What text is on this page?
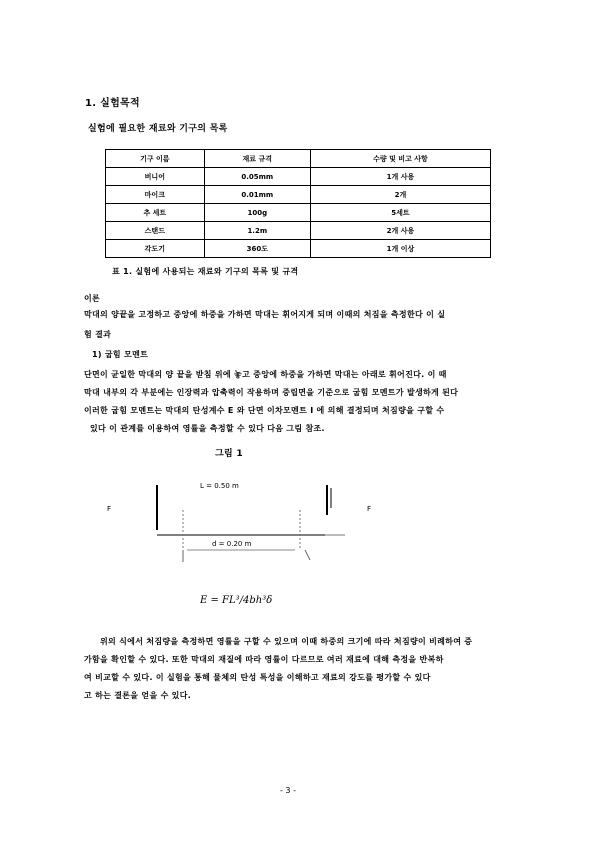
1. 실험목적
실험에 필요한 재료와 기구의 목록
기구 이름	재료 규격	수량 및 비고 사항
버니어	0.05mm	1개 사용
마이크	0.01mm	2개
추 세트	100g	5세트
스탠드	1.2m	2개 사용
각도기	360도	1개 이상
표 1. 실험에 사용되는 재료와 기구의 목록 및 규격
이론
막대의 양끝을 고정하고 중앙에 하중을 가하면 막대는 휘어지게 되며 이때의 처짐을 측정한다 이 실
험 결과
1) 굽힘 모멘트
단면이 균일한 막대의 양 끝을 받침 위에 놓고 중앙에 하중을 가하면 막대는 아래로 휘어진다. 이 때
막대 내부의 각 부분에는 인장력과 압축력이 작용하며 중립면을 기준으로 굽힘 모멘트가 발생하게 된다
이러한 굽힘 모멘트는 막대의 탄성계수 E 와 단면 이차모멘트 I 에 의해 결정되며 처짐량을 구할 수
있다 이 관계를 이용하여 영률을 측정할 수 있다 다음 그림 참조.
그림 1
F	F
L = 0.50 m
d = 0.20 m
E = FL³/4bh³δ
위의 식에서 처짐량을 측정하면 영률을 구할 수 있으며 이때 하중의 크기에 따라 처짐량이 비례하여 증
가함을 확인할 수 있다. 또한 막대의 재질에 따라 영률이 다르므로 여러 재료에 대해 측정을 반복하
여 비교할 수 있다. 이 실험을 통해 물체의 탄성 특성을 이해하고 재료의 강도를 평가할 수 있다
고 하는 결론을 얻을 수 있다.
- 3 -
